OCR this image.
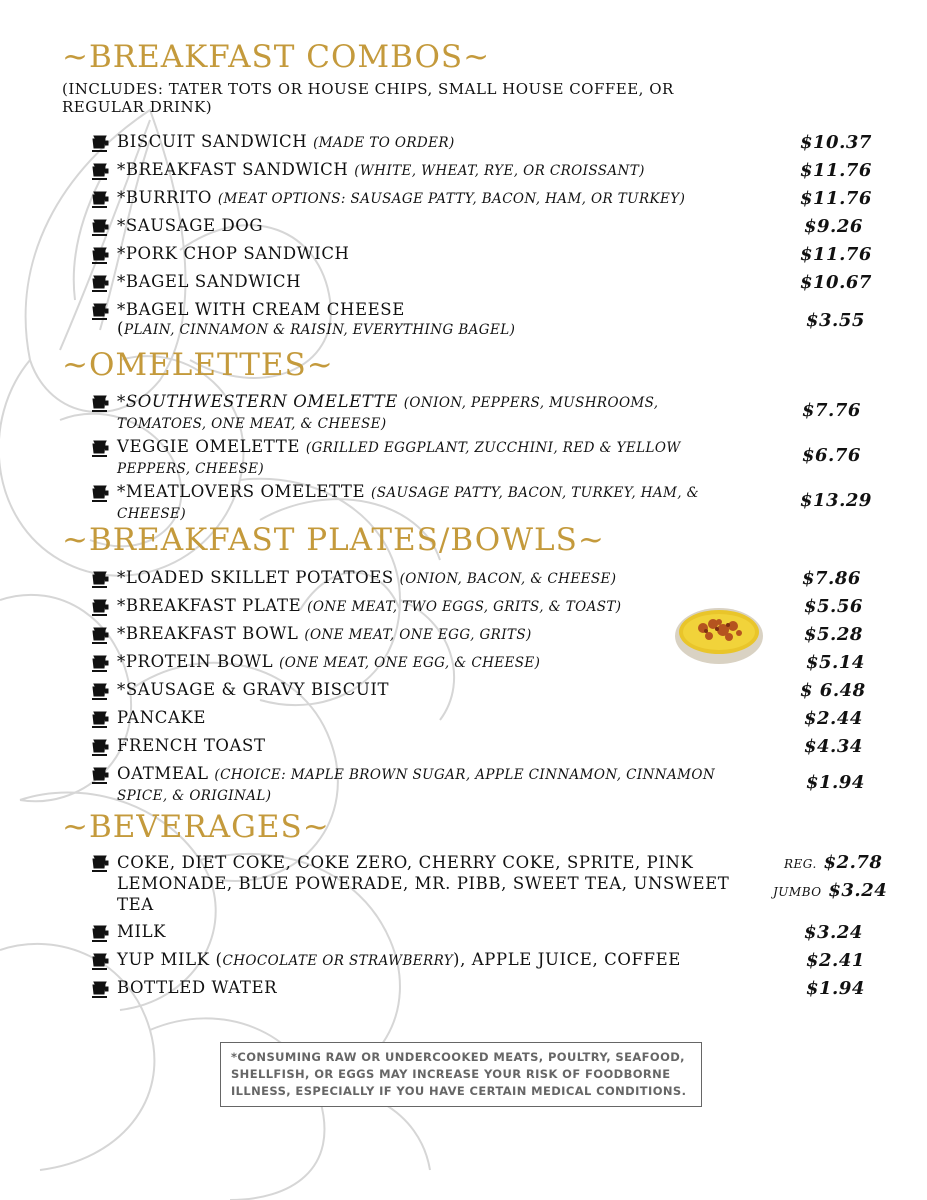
~BREAKFAST COMBOS~
(INCLUDES: TATER TOTS OR HOUSE CHIPS, SMALL HOUSE COFFEE, OR REGULAR DRINK)
BISCUIT SANDWICH (MADE TO ORDER)	$10.37
*BREAKFAST SANDWICH (WHITE, WHEAT, RYE, OR CROISSANT)	$11.76
*BURRITO (MEAT OPTIONS: SAUSAGE PATTY, BACON, HAM, OR TURKEY)	$11.76
*SAUSAGE DOG	$9.26
*PORK CHOP SANDWICH	$11.76
*BAGEL SANDWICH	$10.67
*BAGEL WITH CREAM CHEESE
(PLAIN, CINNAMON & RAISIN, EVERYTHING BAGEL)	$3.55
~OMELETTES~
*SOUTHWESTERN OMELETTE (ONION, PEPPERS, MUSHROOMS, TOMATOES, ONE MEAT, & CHEESE)
$7.76
VEGGIE OMELETTE (GRILLED EGGPLANT, ZUCCHINI, RED & YELLOW PEPPERS, CHEESE)
$6.76
*MEATLOVERS OMELETTE (SAUSAGE PATTY, BACON, TURKEY, HAM, & CHEESE)
$13.29
~BREAKFAST PLATES/BOWLS~
*LOADED SKILLET POTATOES (ONION, BACON, & CHEESE)	$7.86
*BREAKFAST PLATE (ONE MEAT, TWO EGGS, GRITS, & TOAST)	$5.56
*BREAKFAST BOWL (ONE MEAT, ONE EGG, GRITS)	$5.28
*PROTEIN BOWL (ONE MEAT, ONE EGG, & CHEESE)	$5.14
*SAUSAGE & GRAVY BISCUIT	$ 6.48
PANCAKE	$2.44
FRENCH TOAST	$4.34
OATMEAL (CHOICE: MAPLE BROWN SUGAR, APPLE CINNAMON, CINNAMON SPICE, & ORIGINAL)
$1.94
~BEVERAGES~
COKE, DIET COKE, COKE ZERO, CHERRY COKE, SPRITE, PINK LEMONADE, BLUE POWERADE, MR. PIBB, SWEET TEA, UNSWEET TEA
REG. $2.78
JUMBO $3.24
MILK	$3.24
YUP MILK (CHOCOLATE OR STRAWBERRY), APPLE JUICE, COFFEE	$2.41
BOTTLED WATER	$1.94
*CONSUMING RAW OR UNDERCOOKED MEATS, POULTRY, SEAFOOD, SHELLFISH, OR EGGS MAY INCREASE YOUR RISK OF FOODBORNE ILLNESS, ESPECIALLY IF YOU HAVE CERTAIN MEDICAL CONDITIONS.
